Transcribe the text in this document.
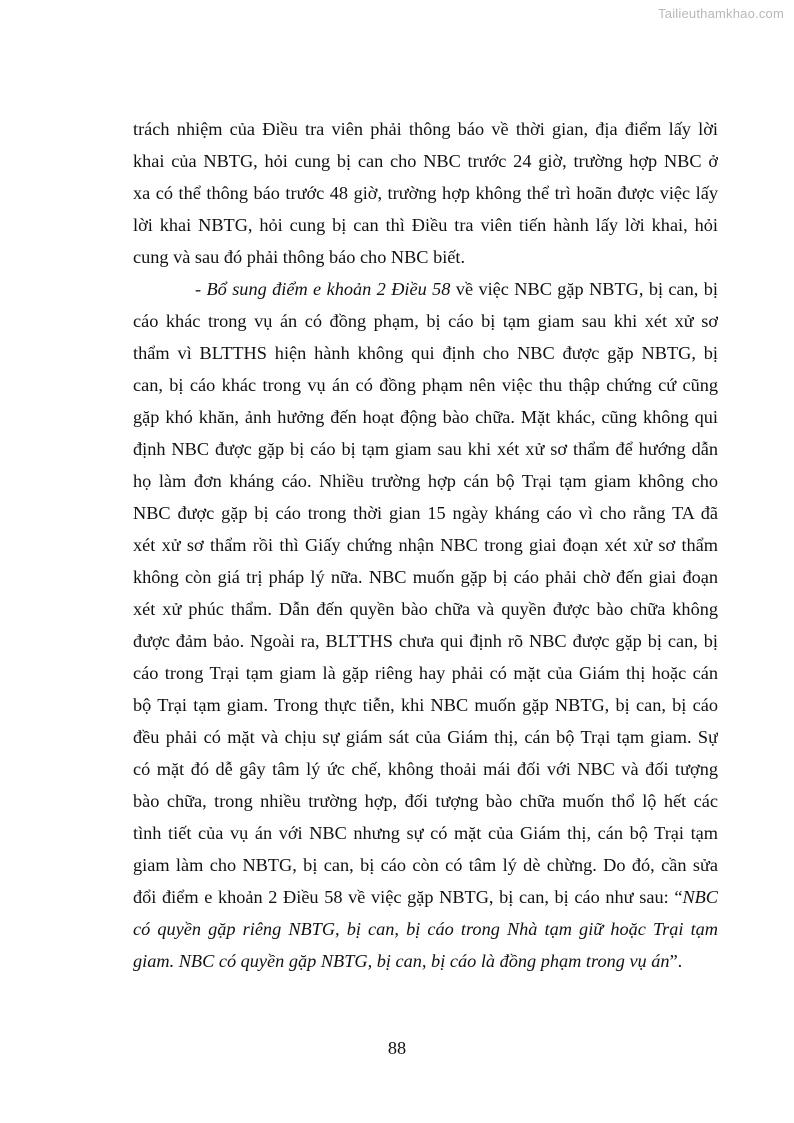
Tailieuthamkhao.com
trách nhiệm của Điều tra viên phải thông báo về thời gian, địa điểm lấy lời
khai của NBTG, hỏi cung bị can cho NBC trước 24 giờ, trường hợp NBC ở
xa có thể thông báo trước 48 giờ, trường hợp không thể trì hoãn được việc lấy
lời khai NBTG, hỏi cung bị can thì Điều tra viên tiến hành lấy lời khai, hỏi
cung và sau đó phải thông báo cho NBC biết.
- Bổ sung điểm e khoản 2 Điều 58 về việc NBC gặp NBTG, bị can, bị
cáo khác trong vụ án có đồng phạm, bị cáo bị tạm giam sau khi xét xử sơ
thẩm vì BLTTHS hiện hành không qui định cho NBC được gặp NBTG, bị
can, bị cáo khác trong vụ án có đồng phạm nên việc thu thập chứng cứ cũng
gặp khó khăn, ảnh hưởng đến hoạt động bào chữa. Mặt khác, cũng không qui
định NBC được gặp bị cáo bị tạm giam sau khi xét xử sơ thẩm để hướng dẫn
họ làm đơn kháng cáo. Nhiều trường hợp cán bộ Trại tạm giam không cho
NBC được gặp bị cáo trong thời gian 15 ngày kháng cáo vì cho rằng TA đã
xét xử sơ thẩm rồi thì Giấy chứng nhận NBC trong giai đoạn xét xử sơ thẩm
không còn giá trị pháp lý nữa. NBC muốn gặp bị cáo phải chờ đến giai đoạn
xét xử phúc thẩm. Dẫn đến quyền bào chữa và quyền được bào chữa không
được đảm bảo. Ngoài ra, BLTTHS chưa qui định rõ NBC được gặp bị can, bị
cáo trong Trại tạm giam là gặp riêng hay phải có mặt của Giám thị hoặc cán
bộ Trại tạm giam. Trong thực tiễn, khi NBC muốn gặp NBTG, bị can, bị cáo
đều phải có mặt và chịu sự giám sát của Giám thị, cán bộ Trại tạm giam. Sự
có mặt đó dễ gây tâm lý ức chế, không thoải mái đối với NBC và đối tượng
bào chữa, trong nhiều trường hợp, đối tượng bào chữa muốn thổ lộ hết các
tình tiết của vụ án với NBC nhưng sự có mặt của Giám thị, cán bộ Trại tạm
giam làm cho NBTG, bị can, bị cáo còn có tâm lý dè chừng. Do đó, cần sửa
đổi điểm e khoản 2 Điều 58 về việc gặp NBTG, bị can, bị cáo như sau: “NBC
có quyền gặp riêng NBTG, bị can, bị cáo trong Nhà tạm giữ hoặc Trại tạm
giam. NBC có quyền gặp NBTG, bị can, bị cáo là đồng phạm trong vụ án”.
88
